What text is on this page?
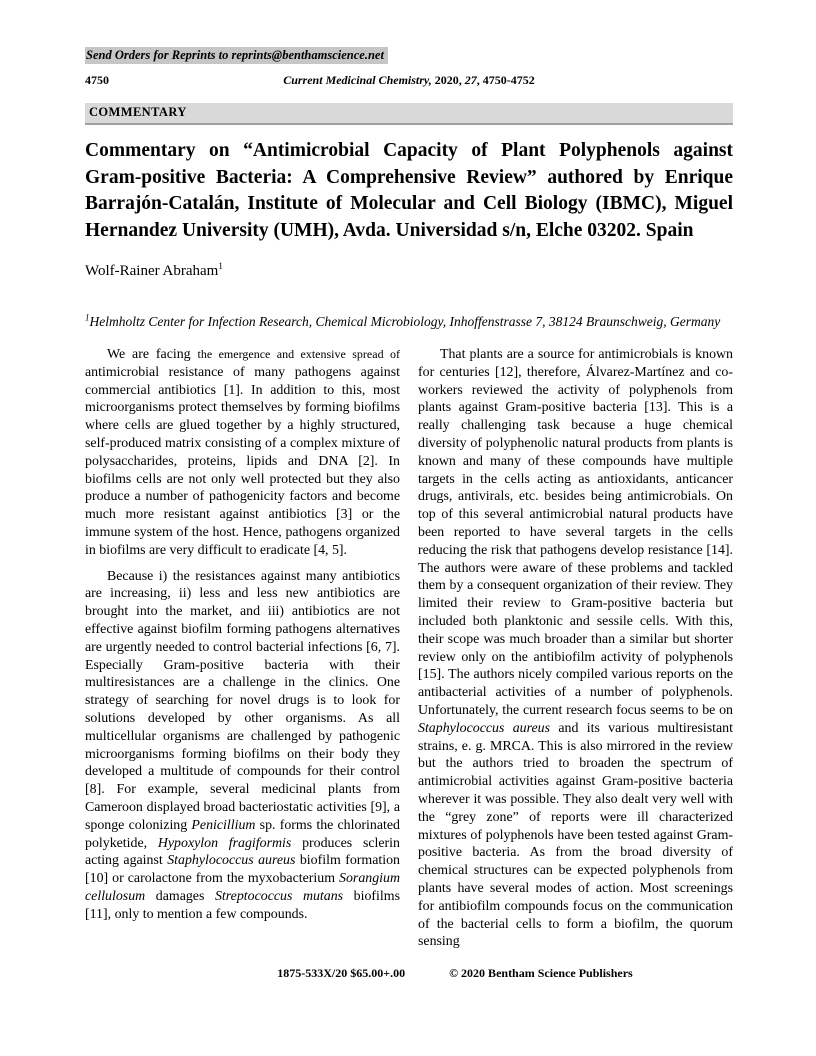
Send Orders for Reprints to reprints@benthamscience.net
4750	Current Medicinal Chemistry, 2020, 27, 4750-4752
COMMENTARY
Commentary on “Antimicrobial Capacity of Plant Polyphenols against Gram-positive Bacteria: A Comprehensive Review” authored by Enrique Barrajón-Catalán, Institute of Molecular and Cell Biology (IBMC), Miguel Hernandez University (UMH), Avda. Universidad s/n, Elche 03202. Spain
Wolf-Rainer Abraham$^1$
$^1$Helmholtz Center for Infection Research, Chemical Microbiology, Inhoffenstrasse 7, 38124 Braunschweig, Germany

We are facing the emergence and extensive spread of antimicrobial resistance of many pathogens against commercial antibiotics [1]. In addition to this, most microorganisms protect themselves by forming biofilms where cells are glued together by a highly structured, self-produced matrix consisting of a complex mixture of polysaccharides, proteins, lipids and DNA [2]. In biofilms cells are not only well protected but they also produce a number of pathogenicity factors and become much more resistant against antibiotics [3] or the immune system of the host. Hence, pathogens organized in biofilms are very difficult to eradicate [4, 5].

Because i) the resistances against many antibiotics are increasing, ii) less and less new antibiotics are brought into the market, and iii) antibiotics are not effective against biofilm forming pathogens alternatives are urgently needed to control bacterial infections [6, 7]. Especially Gram-positive bacteria with their multiresistances are a challenge in the clinics. One strategy of searching for novel drugs is to look for solutions developed by other organisms. As all multicellular organisms are challenged by pathogenic microorganisms forming biofilms on their body they developed a multitude of compounds for their control [8]. For example, several medicinal plants from Cameroon displayed broad bacteriostatic activities [9], a sponge colonizing Penicillium sp. forms the chlorinated polyketide, Hypoxylon fragiformis produces sclerin acting against Staphylococcus aureus biofilm formation [10] or carolactone from the myxobacterium Sorangium cellulosum damages Streptococcus mutans biofilms [11], only to mention a few compounds.

That plants are a source for antimicrobials is known for centuries [12], therefore, Álvarez-Martínez and co-workers reviewed the activity of polyphenols from plants against Gram-positive bacteria [13]. This is a really challenging task because a huge chemical diversity of polyphenolic natural products from plants is known and many of these compounds have multiple targets in the cells acting as antioxidants, anticancer drugs, antivirals, etc. besides being antimicrobials. On top of this several antimicrobial natural products have been reported to have several targets in the cells reducing the risk that pathogens develop resistance [14]. The authors were aware of these problems and tackled them by a consequent organization of their review. They limited their review to Gram-positive bacteria but included both planktonic and sessile cells. With this, their scope was much broader than a similar but shorter review only on the antibiofilm activity of polyphenols [15]. The authors nicely compiled various reports on the antibacterial activities of a number of polyphenols. Unfortunately, the current research focus seems to be on Staphylococcus aureus and its various multiresistant strains, e. g. MRCA. This is also mirrored in the review but the authors tried to broaden the spectrum of antimicrobial activities against Gram-positive bacteria wherever it was possible. They also dealt very well with the “grey zone” of reports were ill characterized mixtures of polyphenols have been tested against Gram-positive bacteria. As from the broad diversity of chemical structures can be expected polyphenols from plants have several modes of action. Most screenings for antibiofilm compounds focus on the communication of the bacterial cells to form a biofilm, the quorum sensing

1875-533X/20 $65.00+.00	© 2020 Bentham Science Publishers
